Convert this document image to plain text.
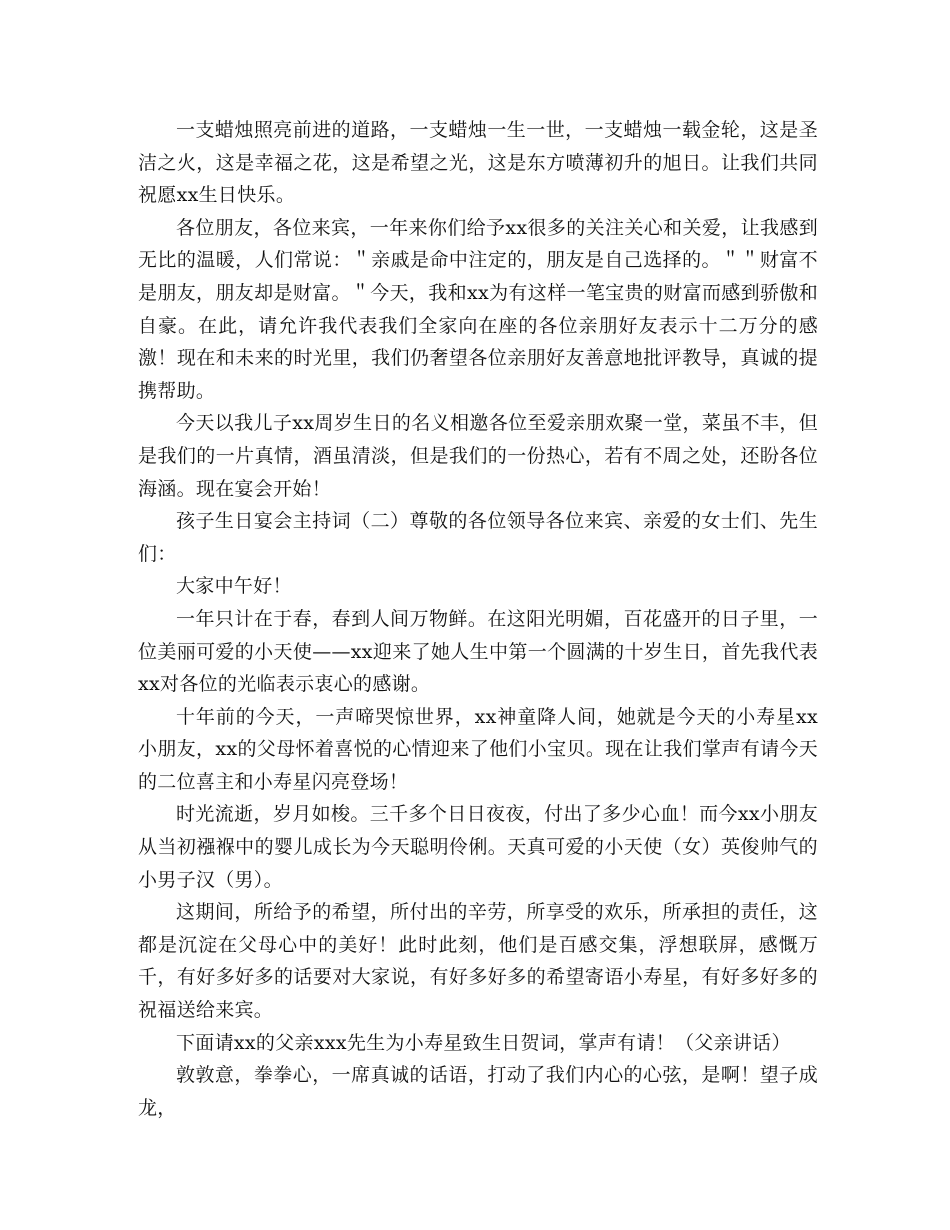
一支蜡烛照亮前进的道路，一支蜡烛一生一世，一支蜡烛一载金轮，这是圣洁之火，这是幸福之花，这是希望之光，这是东方喷薄初升的旭日。让我们共同祝愿xx生日快乐。

各位朋友，各位来宾，一年来你们给予xx很多的关注关心和关爱，让我感到无比的温暖，人们常说：＂亲戚是命中注定的，朋友是自己选择的。＂＂财富不是朋友，朋友却是财富。＂今天，我和xx为有这样一笔宝贵的财富而感到骄傲和自豪。在此，请允许我代表我们全家向在座的各位亲朋好友表示十二万分的感激！现在和未来的时光里，我们仍奢望各位亲朋好友善意地批评教导，真诚的提携帮助。

今天以我儿子xx周岁生日的名义相邀各位至爱亲朋欢聚一堂，菜虽不丰，但是我们的一片真情，酒虽清淡，但是我们的一份热心，若有不周之处，还盼各位海涵。现在宴会开始！

孩子生日宴会主持词（二）尊敬的各位领导各位来宾、亲爱的女士们、先生们：

大家中午好！

一年只计在于春，春到人间万物鲜。在这阳光明媚，百花盛开的日子里，一位美丽可爱的小天使——xx迎来了她人生中第一个圆满的十岁生日，首先我代表xx对各位的光临表示衷心的感谢。

十年前的今天，一声啼哭惊世界，xx神童降人间，她就是今天的小寿星xx小朋友，xx的父母怀着喜悦的心情迎来了他们小宝贝。现在让我们掌声有请今天的二位喜主和小寿星闪亮登场！

时光流逝，岁月如梭。三千多个日日夜夜，付出了多少心血！而今xx小朋友从当初襁褓中的婴儿成长为今天聪明伶俐。天真可爱的小天使（女）英俊帅气的小男子汉（男）。

这期间，所给予的希望，所付出的辛劳，所享受的欢乐，所承担的责任，这都是沉淀在父母心中的美好！此时此刻，他们是百感交集，浮想联屏，感慨万千，有好多好多的话要对大家说，有好多好多的希望寄语小寿星，有好多好多的祝福送给来宾。

下面请xx的父亲xxx先生为小寿星致生日贺词，掌声有请！（父亲讲话）

敦敦意，拳拳心，一席真诚的话语，打动了我们内心的心弦，是啊！望子成龙，
